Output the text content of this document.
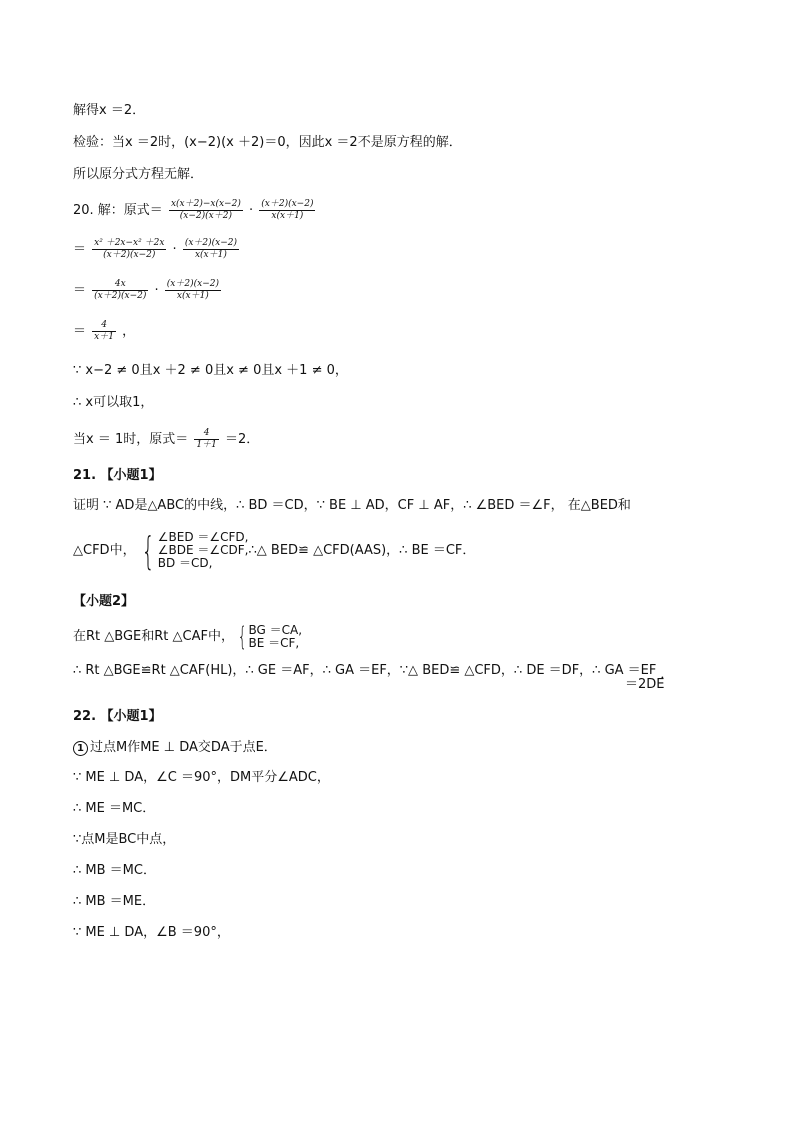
解得x ＝2．
检验：当x ＝2时，(x−2)(x ＋2)＝0，因此x ＝2不是原方程的解．
所以原分式方程无解．
20. 解：原式＝ $\frac{x(x+2)-x(x-2)}{(x-2)(x+2)} \cdot \frac{(x+2)(x-2)}{x(x+1)}$
＝ $\frac{\text{x² ＋2x−x² ＋2x}}{(x+2)(x-2)} \cdot \frac{(x+2)(x-2)}{x(x+1)}$
＝ $\frac{4x}{(x+2)(x-2)} \cdot \frac{(x+2)(x-2)}{x(x+1)}$
＝ $\frac{4}{x+1}$ ，
∵ x−2 ≠ 0且x ＋2 ≠ 0且x ≠ 0且x ＋1 ≠ 0，
∴ x可以取1，
当x ＝ 1时，原式＝ $\frac{4}{1+1} =2$．
21. 【小题1】
证明 ∵ AD是△ABC的中线，∴ BD ＝CD，∵ BE ⊥ AD，CF ⊥ AF，∴ ∠BED ＝∠F， 在△BED和
△CFD中， { ∠BED ＝∠CFD,
∠BDE ＝∠CDF,
BD ＝CD,
∴△ BED≌ △CFD(AAS)，∴ BE ＝CF．
【小题2】
在Rt △BGE和Rt △CAF中， { BG ＝CA,
BE ＝CF,
∴ Rt △BGE≌Rt △CAF(HL)，∴ GE ＝AF，∴ GA ＝EF，∵△ BED≌ △CFD，∴ DE ＝DF，∴ GA ＝EF ．
＝2DE
22. 【小题1】
1 过点M作ME ⊥ DA交DA于点E．
∵ ME ⊥ DA，∠C ＝90°，DM平分∠ADC，
∴ ME ＝MC．
∵点M是BC中点，
∴ MB ＝MC．
∴ MB ＝ME．
∵ ME ⊥ DA，∠B ＝90°，
